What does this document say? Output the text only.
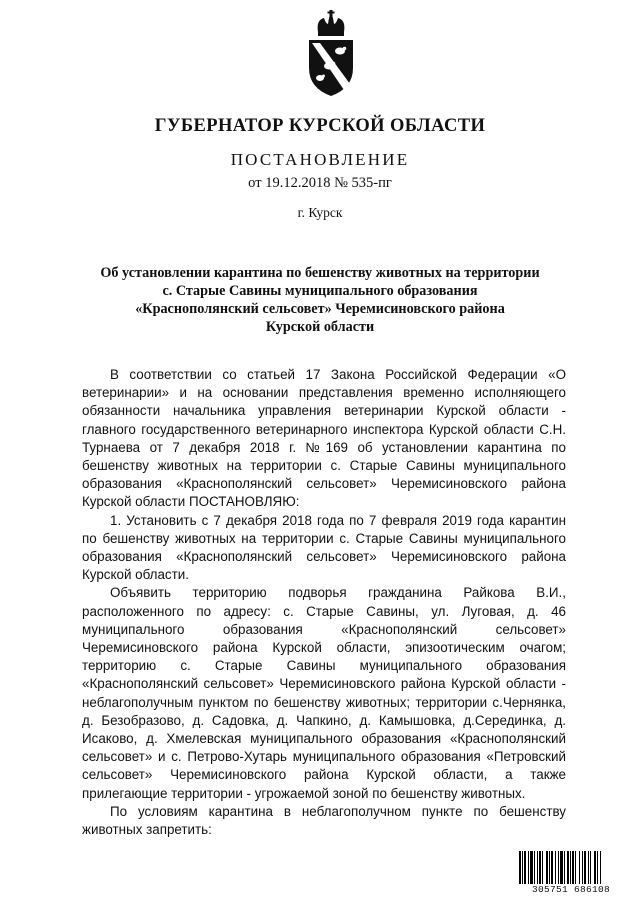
ГУБЕРНАТОР КУРСКОЙ ОБЛАСТИ
ПОСТАНОВЛЕНИЕ
от 19.12.2018 № 535-пг
г. Курск
Об установлении карантина по бешенству животных на территории
с. Старые Савины муниципального образования
«Краснополянский сельсовет» Черемисиновского района
Курской области

В соответствии со статьей 17 Закона Российской Федерации «О ветеринарии» и на основании представления временно исполняющего обязанности начальника управления ветеринарии Курской области - главного государственного ветеринарного инспектора Курской области С.Н. Турнаева от 7 декабря 2018 г. №169 об установлении карантина по бешенству животных на территории с. Старые Савины муниципального образования «Краснополянский сельсовет» Черемисиновского района Курской области ПОСТАНОВЛЯЮ:

1. Установить с 7 декабря 2018 года по 7 февраля 2019 года карантин по бешенству животных на территории с. Старые Савины муниципального образования «Краснополянский сельсовет» Черемисиновского района Курской области.

Объявить территорию подворья гражданина Райкова В.И., расположенного по адресу: с. Старые Савины, ул. Луговая, д. 46 муниципального образования «Краснополянский сельсовет» Черемисиновского района Курской области, эпизоотическим очагом; территорию с. Старые Савины муниципального образования «Краснополянский сельсовет» Черемисиновского района Курской области - неблагополучным пунктом по бешенству животных; территории с.Чернянка, д. Безобразово, д. Садовка, д. Чапкино, д. Камышовка, д.Серединка, д. Исаково, д. Хмелевская муниципального образования «Краснополянский сельсовет» и с. Петрово-Хутарь муниципального образования «Петровский сельсовет» Черемисиновского района Курской области, а также прилегающие территории - угрожаемой зоной по бешенству животных.

По условиям карантина в неблагополучном пункте по бешенству животных запретить:

305751 686108
